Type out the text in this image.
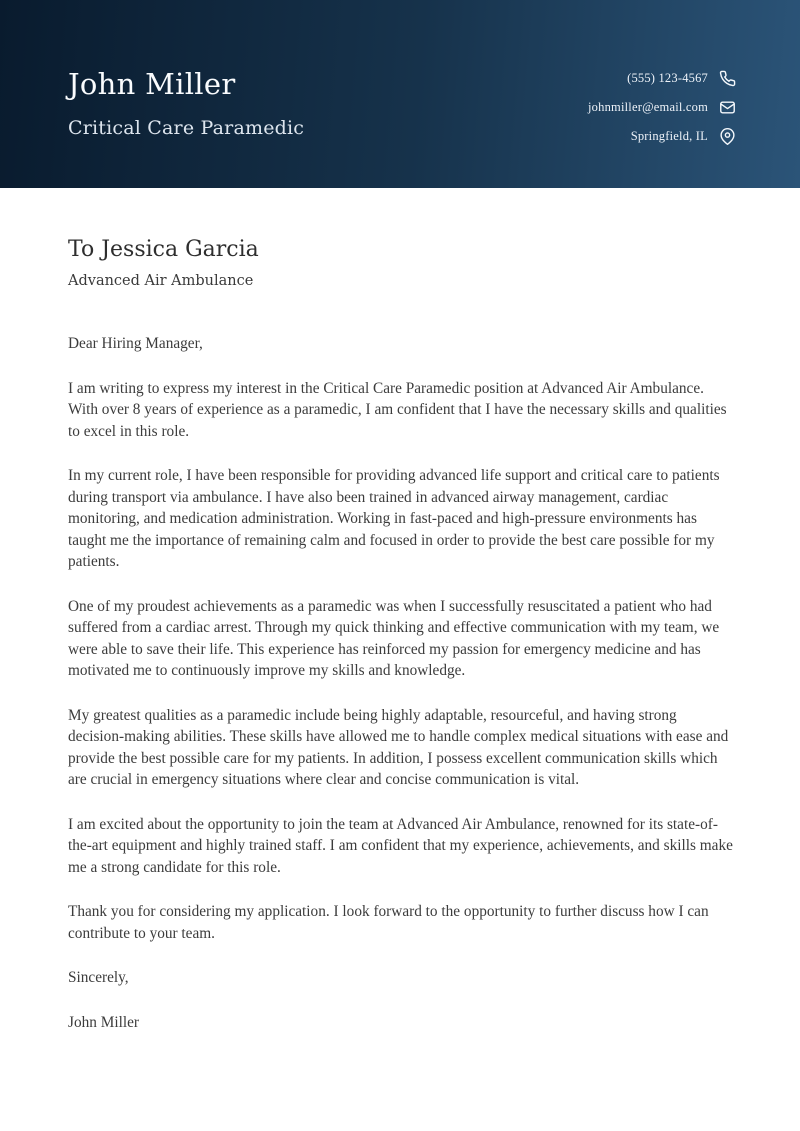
John Miller
Critical Care Paramedic
(555) 123-4567
johnmiller@email.com
Springfield, IL
To Jessica Garcia
Advanced Air Ambulance

Dear Hiring Manager,

I am writing to express my interest in the Critical Care Paramedic position at Advanced Air Ambulance. With over 8 years of experience as a paramedic, I am confident that I have the necessary skills and qualities to excel in this role.

In my current role, I have been responsible for providing advanced life support and critical care to patients during transport via ambulance. I have also been trained in advanced airway management, cardiac monitoring, and medication administration. Working in fast-paced and high-pressure environments has taught me the importance of remaining calm and focused in order to provide the best care possible for my patients.

One of my proudest achievements as a paramedic was when I successfully resuscitated a patient who had suffered from a cardiac arrest. Through my quick thinking and effective communication with my team, we were able to save their life. This experience has reinforced my passion for emergency medicine and has motivated me to continuously improve my skills and knowledge.

My greatest qualities as a paramedic include being highly adaptable, resourceful, and having strong decision-making abilities. These skills have allowed me to handle complex medical situations with ease and provide the best possible care for my patients. In addition, I possess excellent communication skills which are crucial in emergency situations where clear and concise communication is vital.

I am excited about the opportunity to join the team at Advanced Air Ambulance, renowned for its state-of-the-art equipment and highly trained staff. I am confident that my experience, achievements, and skills make me a strong candidate for this role.

Thank you for considering my application. I look forward to the opportunity to further discuss how I can contribute to your team.

Sincerely,

John Miller
